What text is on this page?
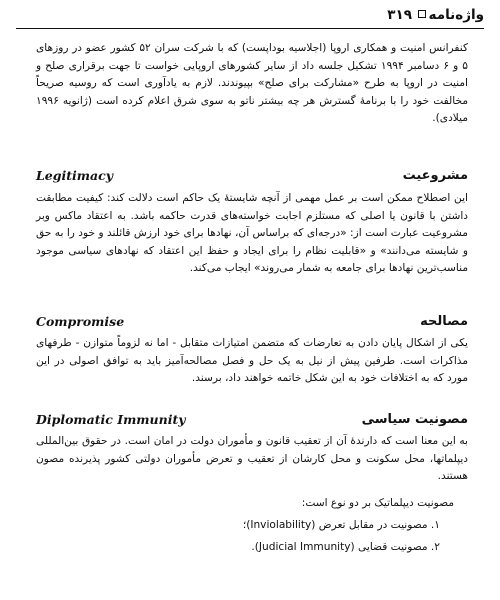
واژه‌نامه
۳۱۹

کنفرانس امنیت و همکاری اروپا (اجلاسیه بوداپست) که با شرکت سران ۵۲ کشور عضو در روزهای ۵ و ۶ دسامبر ۱۹۹۴ تشکیل جلسه داد از سایر کشورهای اروپایی خواست تا جهت برقراری صلح و امنیت در اروپا به طرح «مشارکت برای صلح» بپیوندند. لازم به یادآوری است که روسیه صریحاً مخالفت خود را با برنامهٔ گسترش هر چه بیشتر ناتو به سوی شرق اعلام کرده است (ژانویه ۱۹۹۶ میلادی).

مشروعیت
Legitimacy

این اصطلاح ممکن است بر عمل مهمی از آنچه شایستهٔ یک حاکم است دلالت کند: کیفیت مطابقت داشتن با قانون یا اصلی که مستلزم اجابت خواسته‌های قدرت حاکمه باشد. به اعتقاد ماکس وبر مشروعیت عبارت است از: «درجه‌ای که براساس آن، نهادها برای خود ارزش قائلند و خود را به حق و شایسته می‌دانند» و «قابلیت نظام را برای ایجاد و حفظ این اعتقاد که نهادهای سیاسی موجود مناسب‌ترین نهادها برای جامعه به شمار می‌روند» ایجاب می‌کند.

مصالحه
Compromise

یکی از اشکال پایان دادن به تعارضات که متضمن امتیازات متقابل - اما نه لزوماً متوازن - طرفهای مذاکرات است. طرفین پیش از نیل به یک حل و فصل مصالحه‌آمیز باید به توافق اصولی در این مورد که به اختلافات خود به این شکل خاتمه خواهند داد، برسند.

مصونیت سیاسی
Diplomatic Immunity

به این معنا است که دارندهٔ آن از تعقیب قانون و مأموران دولت در امان است. در حقوق بین‌المللی دیپلماتها، محل سکونت و محل کارشان از تعقیب و تعرض مأموران دولتی کشور پذیرنده مصون هستند.

مصونیت دیپلماتیک بر دو نوع است:

۱. مصونیت در مقابل تعرض (Inviolability)؛

۲. مصونیت قضایی (Judicial Immunity).
